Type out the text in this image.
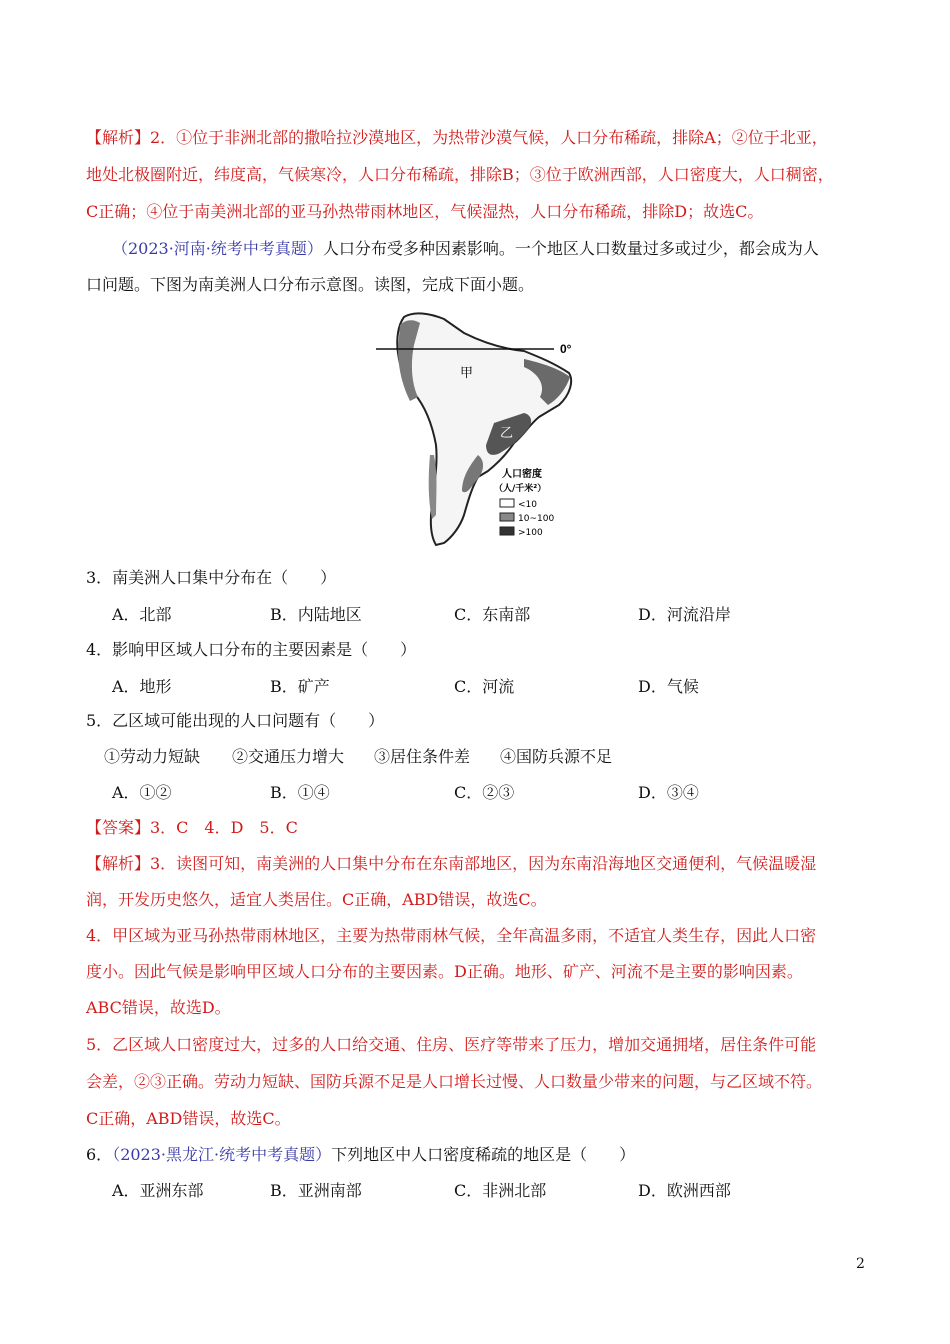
【解析】2．①位于非洲北部的撒哈拉沙漠地区，为热带沙漠气候，人口分布稀疏，排除A；②位于北亚，
地处北极圈附近，纬度高，气候寒冷，人口分布稀疏，排除B；③位于欧洲西部，人口密度大，人口稠密，
C正确；④位于南美洲北部的亚马孙热带雨林地区，气候湿热，人口分布稀疏，排除D；故选C。
（2023·河南·统考中考真题）人口分布受多种因素影响。一个地区人口数量过多或过少，都会成为人
口问题。下图为南美洲人口分布示意图。读图，完成下面小题。
0°
甲
乙
人口密度
（人/千米²）
<10
10~100
>100
3．南美洲人口集中分布在（　　）
A．北部	B．内陆地区	C．东南部	D．河流沿岸
4．影响甲区域人口分布的主要因素是（　　）
A．地形	B．矿产	C．河流	D．气候
5．乙区域可能出现的人口问题有（　　）
①劳动力短缺 ②交通压力增大 ③居住条件差 ④国防兵源不足
A．①②	B．①④	C．②③	D．③④
【答案】3．C　4．D　5．C
【解析】3．读图可知，南美洲的人口集中分布在东南部地区，因为东南沿海地区交通便利，气候温暖湿
润，开发历史悠久，适宜人类居住。C正确，ABD错误，故选C。
4．甲区域为亚马孙热带雨林地区，主要为热带雨林气候，全年高温多雨，不适宜人类生存，因此人口密
度小。因此气候是影响甲区域人口分布的主要因素。D正确。地形、矿产、河流不是主要的影响因素。
ABC错误，故选D。
5．乙区域人口密度过大，过多的人口给交通、住房、医疗等带来了压力，增加交通拥堵，居住条件可能
会差，②③正确。劳动力短缺、国防兵源不足是人口增长过慢、人口数量少带来的问题，与乙区域不符。
C正确，ABD错误，故选C。
6．（2023·黑龙江·统考中考真题）下列地区中人口密度稀疏的地区是（　　）
A．亚洲东部	B．亚洲南部	C．非洲北部	D．欧洲西部
2
